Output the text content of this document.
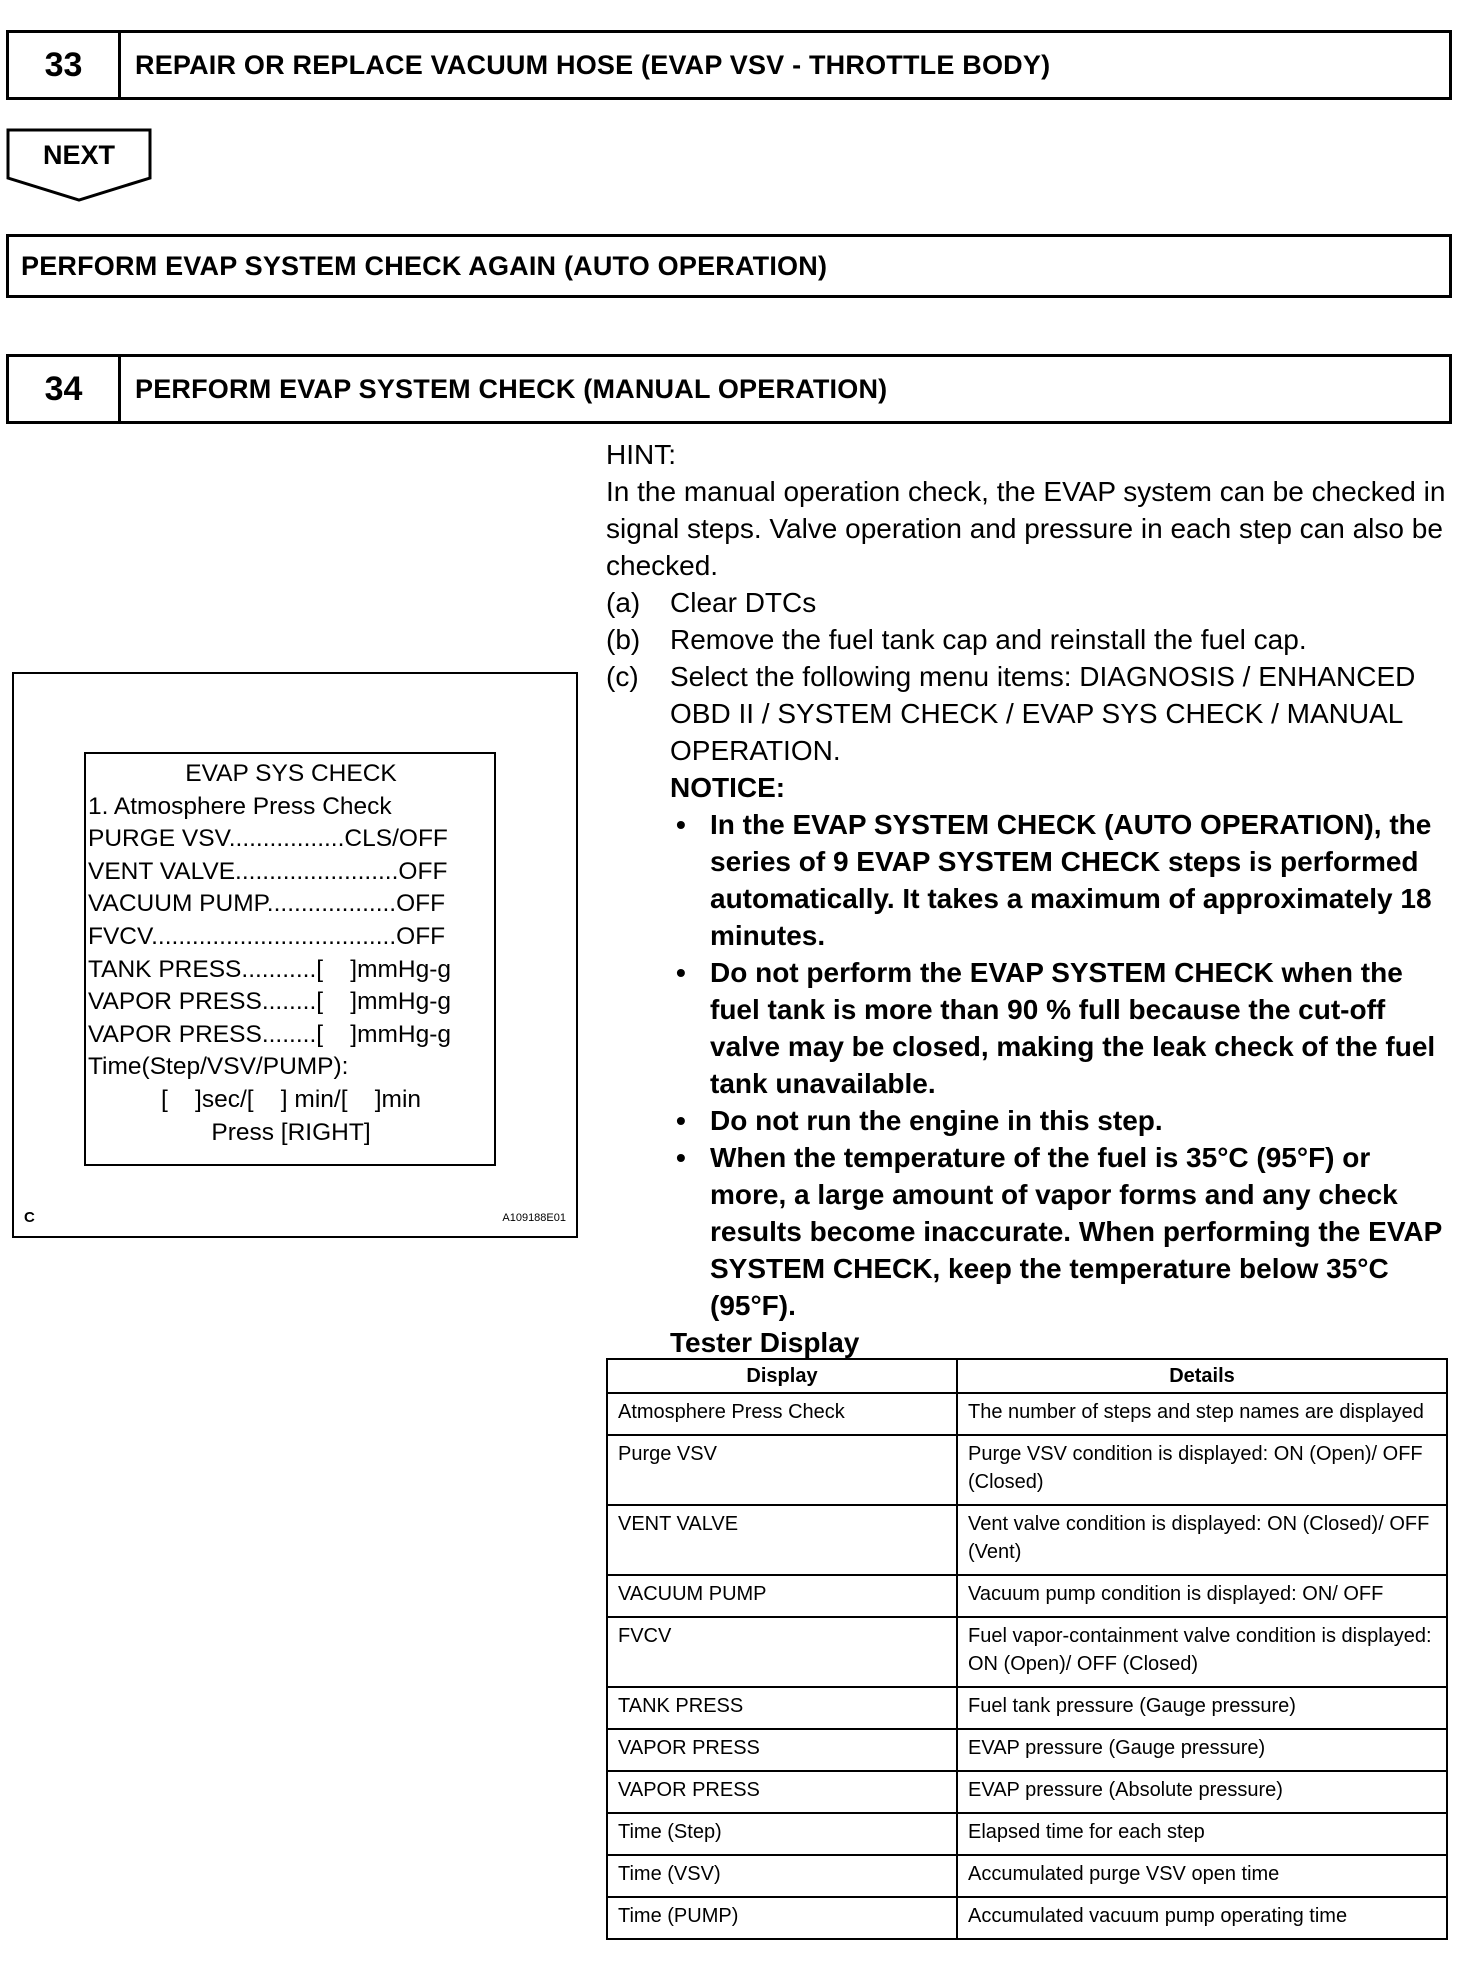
33	REPAIR OR REPLACE VACUUM HOSE (EVAP VSV - THROTTLE BODY)
NEXT
PERFORM EVAP SYSTEM CHECK AGAIN (AUTO OPERATION)
34	PERFORM EVAP SYSTEM CHECK (MANUAL OPERATION)

HINT:

In the manual operation check, the EVAP system can be checked in signal steps. Valve operation and pressure in each step can also be checked.

(a)	Clear DTCs
(b)	Remove the fuel tank cap and reinstall the fuel cap.
(c)	Select the following menu items: DIAGNOSIS / ENHANCED OBD II / SYSTEM CHECK / EVAP SYS CHECK / MANUAL OPERATION.

NOTICE:

• In the EVAP SYSTEM CHECK (AUTO OPERATION), the series of 9 EVAP SYSTEM CHECK steps is performed automatically. It takes a maximum of approximately 18 minutes.
• Do not perform the EVAP SYSTEM CHECK when the fuel tank is more than 90 % full because the cut-off valve may be closed, making the leak check of the fuel tank unavailable.
• Do not run the engine in this step.
• When the temperature of the fuel is 35°C (95°F) or more, a large amount of vapor forms and any check results become inaccurate. When performing the EVAP SYSTEM CHECK, keep the temperature below 35°C (95°F).

Tester Display

EVAP SYS CHECK
1. Atmosphere Press Check
PURGE VSV.................CLS/OFF
VENT VALVE........................OFF
VACUUM PUMP...................OFF
FVCV....................................OFF
TANK PRESS...........[    ]mmHg-g
VAPOR PRESS........[    ]mmHg-g
VAPOR PRESS........[    ]mmHg-g
Time(Step/VSV/PUMP):
[    ]sec/[    ] min/[    ]min
Press [RIGHT]
C	A109188E01
Display	Details
Atmosphere Press Check	The number of steps and step names are displayed
Purge VSV	Purge VSV condition is displayed: ON (Open)/ OFF (Closed)
VENT VALVE	Vent valve condition is displayed: ON (Closed)/ OFF (Vent)
VACUUM PUMP	Vacuum pump condition is displayed: ON/ OFF
FVCV	Fuel vapor-containment valve condition is displayed: ON (Open)/ OFF (Closed)
TANK PRESS	Fuel tank pressure (Gauge pressure)
VAPOR PRESS	EVAP pressure (Gauge pressure)
VAPOR PRESS	EVAP pressure (Absolute pressure)
Time (Step)	Elapsed time for each step
Time (VSV)	Accumulated purge VSV open time
Time (PUMP)	Accumulated vacuum pump operating time
